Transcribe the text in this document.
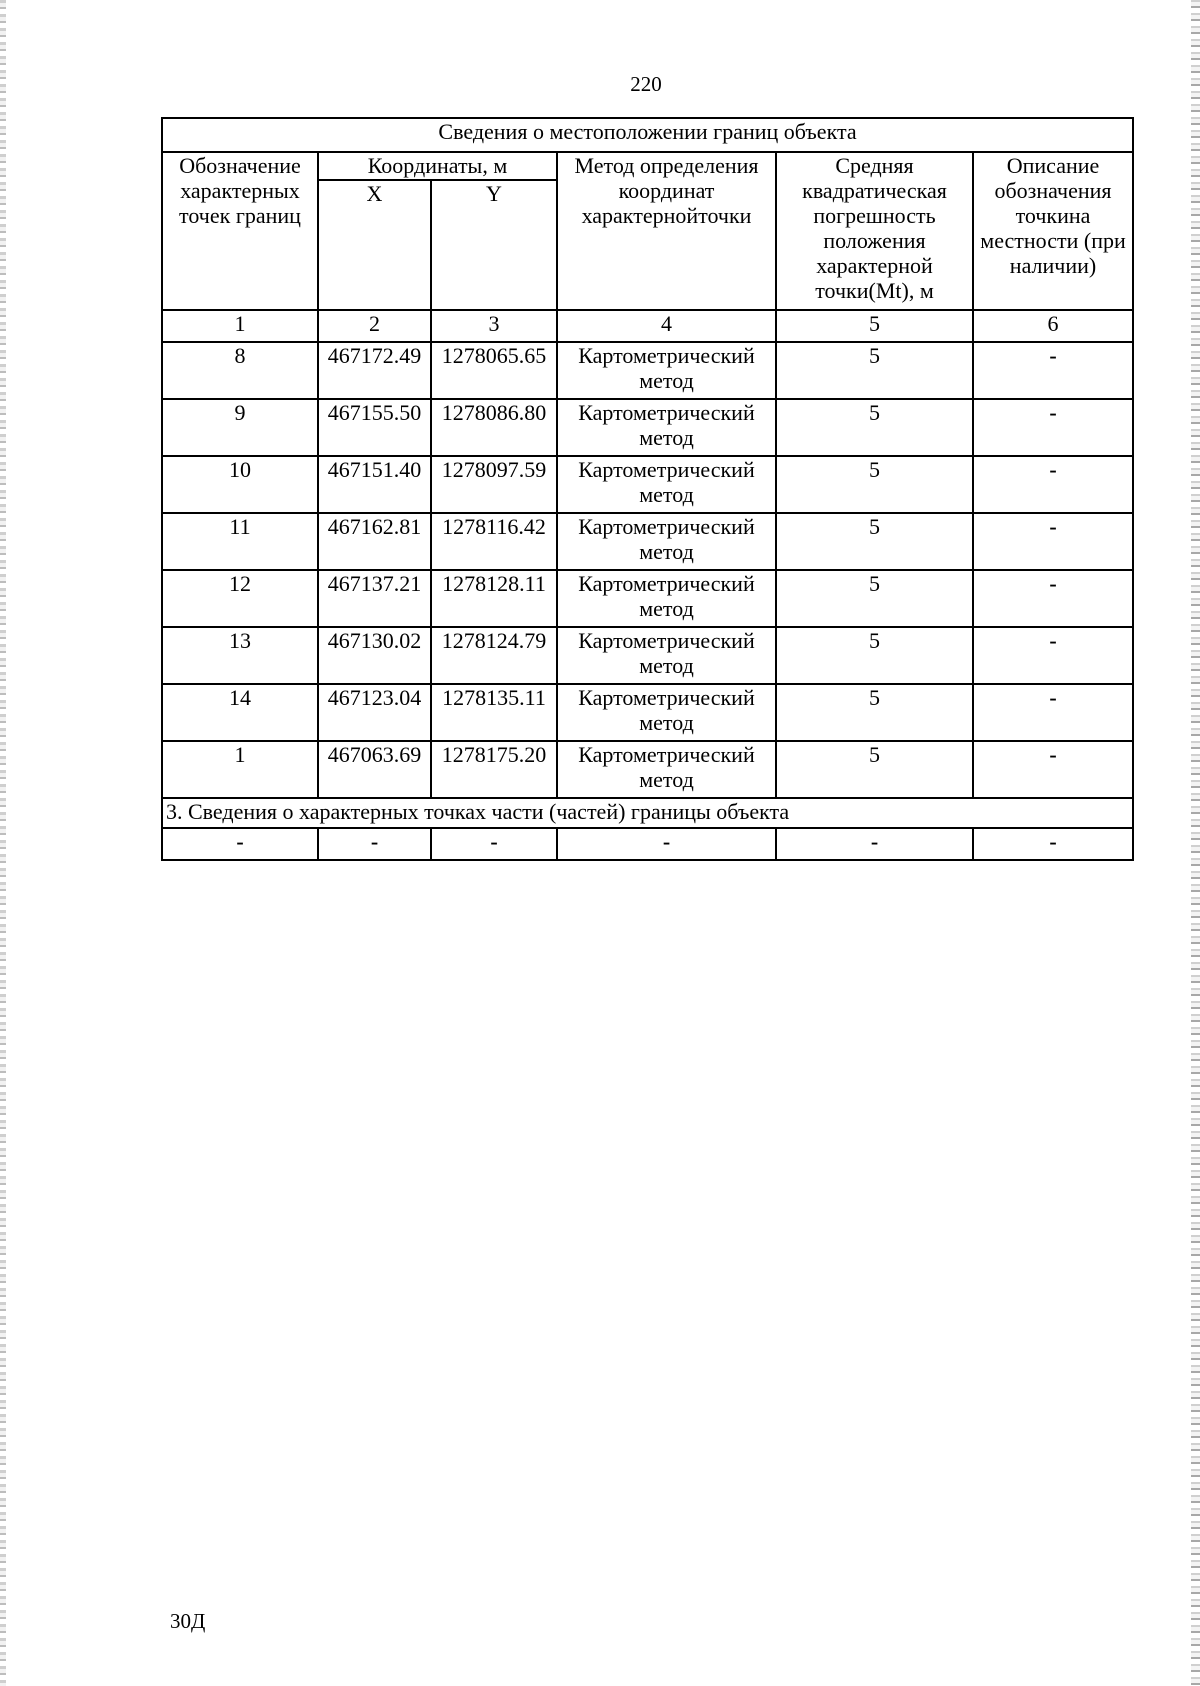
220
Сведения о местоположении границ объекта					
Обозначение характерных точек границ	Координаты, м		Метод определения координат характернойточки	Средняя квадратическая погрешность положения характерной точки(Mt), м	Описание обозначения точкина местности (при наличии)
	X	Y			
1	2	3	4	5	6
8	467172.49	1278065.65	Картометрический метод	5	-
9	467155.50	1278086.80	Картометрический метод	5	-
10	467151.40	1278097.59	Картометрический метод	5	-
11	467162.81	1278116.42	Картометрический метод	5	-
12	467137.21	1278128.11	Картометрический метод	5	-
13	467130.02	1278124.79	Картометрический метод	5	-
14	467123.04	1278135.11	Картометрический метод	5	-
1	467063.69	1278175.20	Картометрический метод	5	-
3. Сведения о характерных точках части (частей) границы объекта					
-	-	-	-	-	-
30Д
